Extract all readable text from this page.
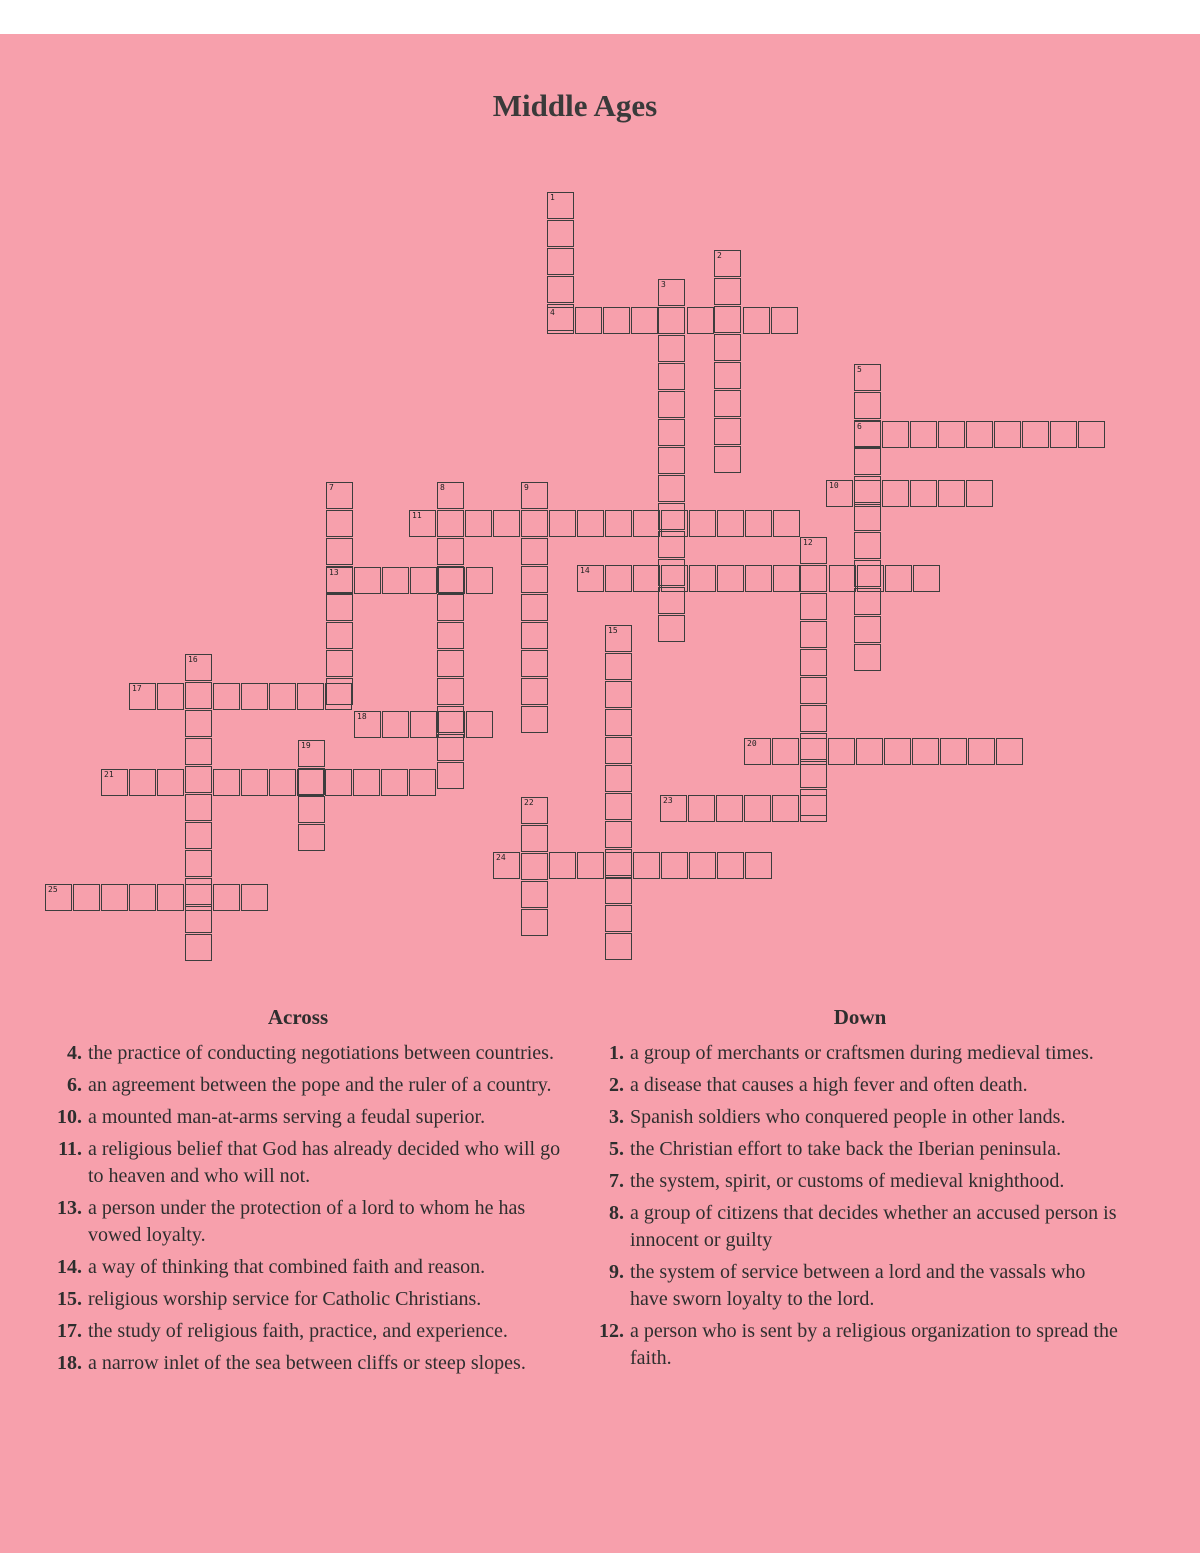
Middle Ages
1
2
3
4
5
6
7	8	9	10
11
12
13	14
15
16
17
18
19	20
21
22	23
24
25
Across
4. the practice of conducting negotiations between countries.
6. an agreement between the pope and the ruler of a country.
10. a mounted man-at-arms serving a feudal superior.
11. a religious belief that God has already decided who will go to heaven and who will not.
13. a person under the protection of a lord to whom he has vowed loyalty.
14. a way of thinking that combined faith and reason.
15. religious worship service for Catholic Christians.
17. the study of religious faith, practice, and experience.
18. a narrow inlet of the sea between cliffs or steep slopes.
Down
1. a group of merchants or craftsmen during medieval times.
2. a disease that causes a high fever and often death.
3. Spanish soldiers who conquered people in other lands.
5. the Christian effort to take back the Iberian peninsula.
7. the system, spirit, or customs of medieval knighthood.
8. a group of citizens that decides whether an accused person is innocent or guilty
9. the system of service between a lord and the vassals who have sworn loyalty to the lord.
12. a person who is sent by a religious organization to spread the faith.
